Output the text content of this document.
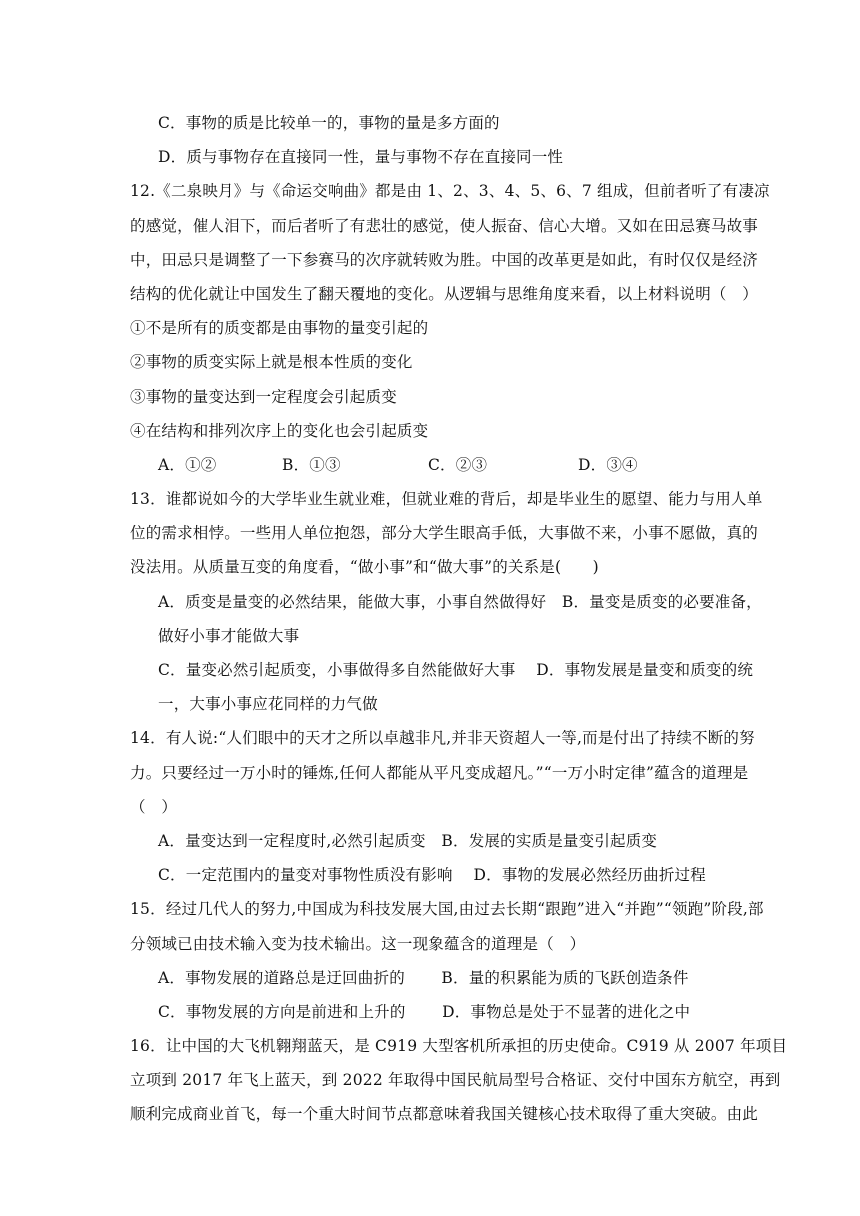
C．事物的质是比较单一的，事物的量是多方面的
D．质与事物存在直接同一性，量与事物不存在直接同一性
12.《二泉映月》与《命运交响曲》都是由 1、2、3、4、5、6、7 组成，但前者听了有凄凉
的感觉，催人泪下，而后者听了有悲壮的感觉，使人振奋、信心大增。又如在田忌赛马故事
中，田忌只是调整了一下参赛马的次序就转败为胜。中国的改革更是如此，有时仅仅是经济
结构的优化就让中国发生了翻天覆地的变化。从逻辑与思维角度来看，以上材料说明（　）
①不是所有的质变都是由事物的量变引起的
②事物的质变实际上就是根本性质的变化
③事物的量变达到一定程度会引起质变
④在结构和排列次序上的变化也会引起质变
A．①②	B．①③	C．②③	D．③④
13．谁都说如今的大学毕业生就业难，但就业难的背后，却是毕业生的愿望、能力与用人单
位的需求相悖。一些用人单位抱怨，部分大学生眼高手低，大事做不来，小事不愿做，真的
没法用。从质量互变的角度看，“做小事”和“做大事”的关系是(　　)
A．质变是量变的必然结果，能做大事，小事自然做得好　B．量变是质变的必要准备，
做好小事才能做大事
C．量变必然引起质变，小事做得多自然能做好大事　 D．事物发展是量变和质变的统
一，大事小事应花同样的力气做
14．有人说:“人们眼中的天才之所以卓越非凡,并非天资超人一等,而是付出了持续不断的努
力。只要经过一万小时的锤炼,任何人都能从平凡变成超凡。”“一万小时定律”蕴含的道理是
（　）
A．量变达到一定程度时,必然引起质变　B．发展的实质是量变引起质变
C．一定范围内的量变对事物性质没有影响　 D．事物的发展必然经历曲折过程
15．经过几代人的努力,中国成为科技发展大国,由过去长期“跟跑”进入“并跑”“领跑”阶段,部
分领域已由技术输入变为技术输出。这一现象蕴含的道理是（　）
A．事物发展的道路总是迂回曲折的　　 B．量的积累能为质的飞跃创造条件
C．事物发展的方向是前进和上升的　　 D．事物总是处于不显著的进化之中
16．让中国的大飞机翱翔蓝天，是 C919 大型客机所承担的历史使命。C919 从 2007 年项目
立项到 2017 年飞上蓝天，到 2022 年取得中国民航局型号合格证、交付中国东方航空，再到
顺利完成商业首飞，每一个重大时间节点都意味着我国关键核心技术取得了重大突破。由此
